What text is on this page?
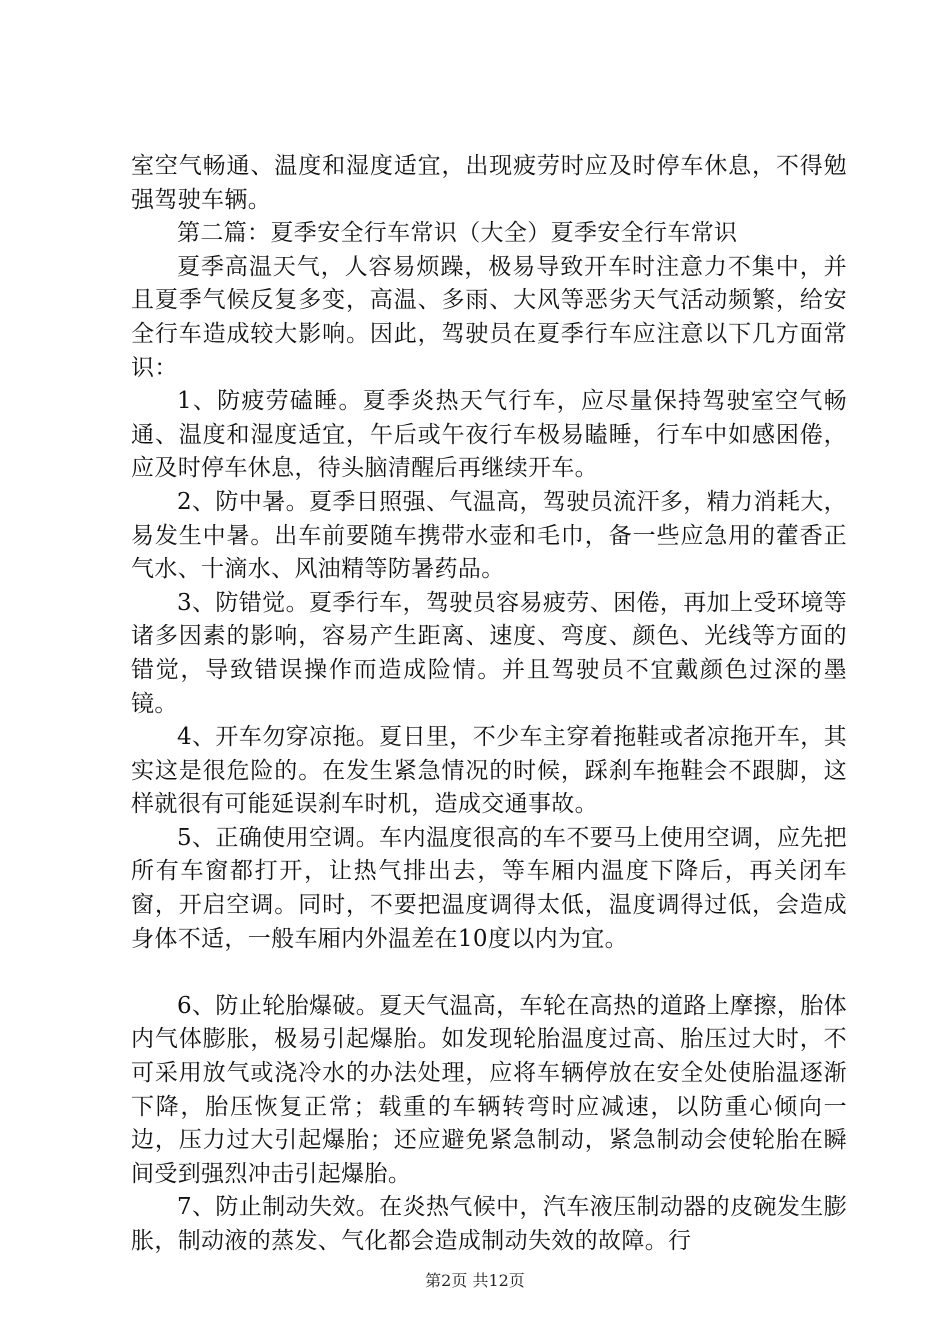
室空气畅通、温度和湿度适宜，出现疲劳时应及时停车休息，不得勉强驾驶车辆。

第二篇：夏季安全行车常识（大全）夏季安全行车常识

夏季高温天气，人容易烦躁，极易导致开车时注意力不集中，并且夏季气候反复多变，高温、多雨、大风等恶劣天气活动频繁，给安全行车造成较大影响。因此，驾驶员在夏季行车应注意以下几方面常识：

1、防疲劳磕睡。夏季炎热天气行车，应尽量保持驾驶室空气畅通、温度和湿度适宜，午后或午夜行车极易瞌睡，行车中如感困倦，应及时停车休息，待头脑清醒后再继续开车。

2、防中暑。夏季日照强、气温高，驾驶员流汗多，精力消耗大，易发生中暑。出车前要随车携带水壶和毛巾，备一些应急用的藿香正气水、十滴水、风油精等防暑药品。

3、防错觉。夏季行车，驾驶员容易疲劳、困倦，再加上受环境等诸多因素的影响，容易产生距离、速度、弯度、颜色、光线等方面的错觉，导致错误操作而造成险情。并且驾驶员不宜戴颜色过深的墨镜。

4、开车勿穿凉拖。夏日里，不少车主穿着拖鞋或者凉拖开车，其实这是很危险的。在发生紧急情况的时候，踩刹车拖鞋会不跟脚，这样就很有可能延误刹车时机，造成交通事故。

5、正确使用空调。车内温度很高的车不要马上使用空调，应先把所有车窗都打开，让热气排出去，等车厢内温度下降后，再关闭车窗，开启空调。同时，不要把温度调得太低，温度调得过低，会造成身体不适，一般车厢内外温差在10度以内为宜。

6、防止轮胎爆破。夏天气温高，车轮在高热的道路上摩擦，胎体内气体膨胀，极易引起爆胎。如发现轮胎温度过高、胎压过大时，不可采用放气或浇冷水的办法处理，应将车辆停放在安全处使胎温逐渐下降，胎压恢复正常；载重的车辆转弯时应减速，以防重心倾向一边，压力过大引起爆胎；还应避免紧急制动，紧急制动会使轮胎在瞬间受到强烈冲击引起爆胎。

7、防止制动失效。在炎热气候中，汽车液压制动器的皮碗发生膨胀，制动液的蒸发、气化都会造成制动失效的故障。行

第2页 共12页
